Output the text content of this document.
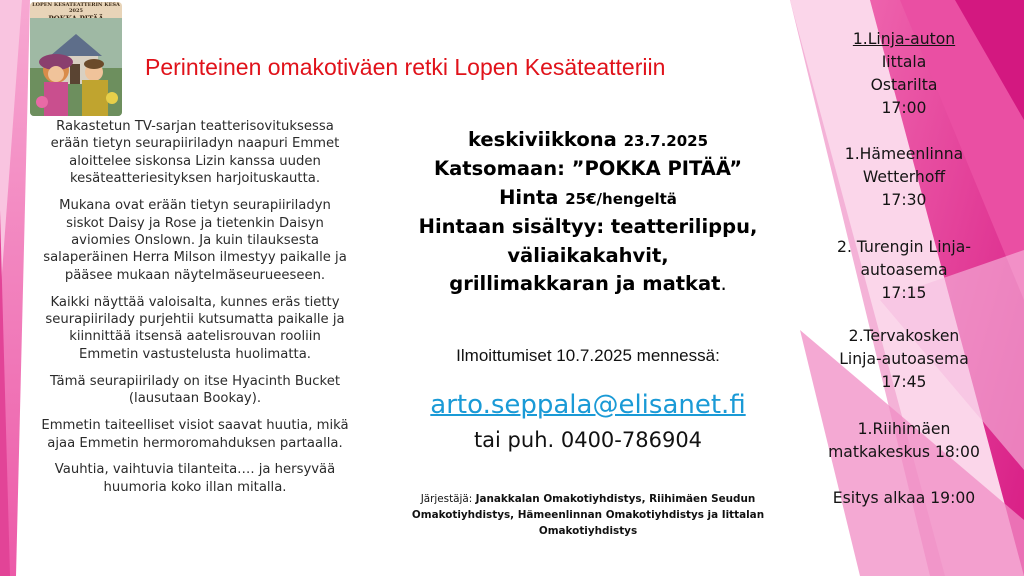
LOPEN KESÄTEATTERIN KESÄ 2025
Perinteinen omakotiväen retki Lopen Kesäteatteriin

Rakastetun TV-sarjan teatterisovituksessa erään tietyn seurapiiriladyn naapuri Emmet aloittelee siskonsa Lizin kanssa uuden kesäteatteriesityksen harjoituskautta.

Mukana ovat erään tietyn seurapiiriladyn siskot Daisy ja Rose ja tietenkin Daisyn aviomies Onslown. Ja kuin tilauksesta salaperäinen Herra Milson ilmestyy paikalle ja pääsee mukaan näytelmäseurueeseen.

Kaikki näyttää valoisalta, kunnes eräs tietty seurapiirilady purjehtii kutsumatta paikalle ja kiinnittää itsensä aatelisrouvan rooliin Emmetin vastustelusta huolimatta.

Tämä seurapiirilady on itse Hyacinth Bucket (lausutaan Bookay).

Emmetin taiteelliset visiot saavat huutia, mikä ajaa Emmetin hermoromahduksen partaalla.

Vauhtia, vaihtuvia tilanteita…. ja hersyvää huumoria koko illan mitalla.

keskiviikkona 23.7.2025
Katsomaan: ”POKKA PITÄÄ”
Hinta 25€/hengeltä
Hintaan sisältyy: teatterilippu,
väliaikakahvit,
grillimakkaran ja matkat.
Ilmoittumiset 10.7.2025 mennessä:
arto.seppala@elisanet.fi
tai puh. 0400-786904
Järjestäjä: Janakkalan Omakotiyhdistys, Riihimäen Seudun
Omakotiyhdistys, Hämeenlinnan Omakotiyhdistys ja Iittalan
Omakotiyhdistys
1.Linja-auton
Iittala
Ostarilta
17:00
1.Hämeenlinna
Wetterhoff
17:30
2. Turengin Linja-
autoasema
17:15
2.Tervakosken
Linja-autoasema
17:45
1.Riihimäen
matkakeskus 18:00
Esitys alkaa 19:00
